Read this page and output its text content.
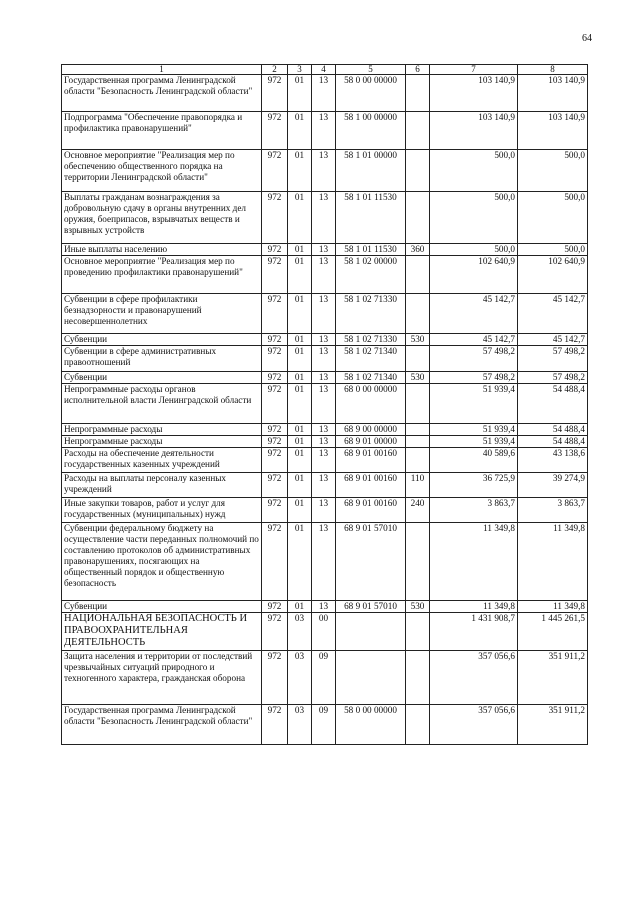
64
1	2	3	4	5	6	7	8
Государственная программа Ленинградской области "Безопасность Ленинградской области"	972	01	13	58 0 00 00000		103 140,9	103 140,9
Подпрограмма "Обеспечение правопорядка и профилактика правонарушений"	972	01	13	58 1 00 00000		103 140,9	103 140,9
Основное мероприятие "Реализация мер по обеспечению общественного порядка на территории Ленинградской области"	972	01	13	58 1 01 00000		500,0	500,0
Выплаты гражданам вознаграждения за добровольную сдачу в органы внутренних дел оружия, боеприпасов, взрывчатых веществ и взрывных устройств	972	01	13	58 1 01 11530		500,0	500,0
Иные выплаты населению	972	01	13	58 1 01 11530	360	500,0	500,0
Основное мероприятие "Реализация мер по проведению профилактики правонарушений"	972	01	13	58 1 02 00000		102 640,9	102 640,9
Субвенции в сфере профилактики безнадзорности и правонарушений несовершеннолетних	972	01	13	58 1 02 71330		45 142,7	45 142,7
Субвенции	972	01	13	58 1 02 71330	530	45 142,7	45 142,7
Субвенции в сфере административных правоотношений	972	01	13	58 1 02 71340		57 498,2	57 498,2
Субвенции	972	01	13	58 1 02 71340	530	57 498,2	57 498,2
Непрограммные расходы органов исполнительной власти Ленинградской области	972	01	13	68 0 00 00000		51 939,4	54 488,4
Непрограммные расходы	972	01	13	68 9 00 00000		51 939,4	54 488,4
Непрограммные расходы	972	01	13	68 9 01 00000		51 939,4	54 488,4
Расходы на обеспечение деятельности государственных казенных учреждений	972	01	13	68 9 01 00160		40 589,6	43 138,6
Расходы на выплаты персоналу казенных учреждений	972	01	13	68 9 01 00160	110	36 725,9	39 274,9
Иные закупки товаров, работ и услуг для государственных (муниципальных) нужд	972	01	13	68 9 01 00160	240	3 863,7	3 863,7
Субвенции федеральному бюджету на осуществление части переданных полномочий по составлению протоколов об административных правонарушениях, посягающих на общественный порядок и общественную безопасность	972	01	13	68 9 01 57010		11 349,8	11 349,8
Субвенции	972	01	13	68 9 01 57010	530	11 349,8	11 349,8
НАЦИОНАЛЬНАЯ БЕЗОПАСНОСТЬ И ПРАВООХРАНИТЕЛЬНАЯ ДЕЯТЕЛЬНОСТЬ	972	03	00			1 431 908,7	1 445 261,5
Защита населения и территории от последствий чрезвычайных ситуаций природного и техногенного характера, гражданская оборона	972	03	09			357 056,6	351 911,2
Государственная программа Ленинградской области "Безопасность Ленинградской области"	972	03	09	58 0 00 00000		357 056,6	351 911,2
